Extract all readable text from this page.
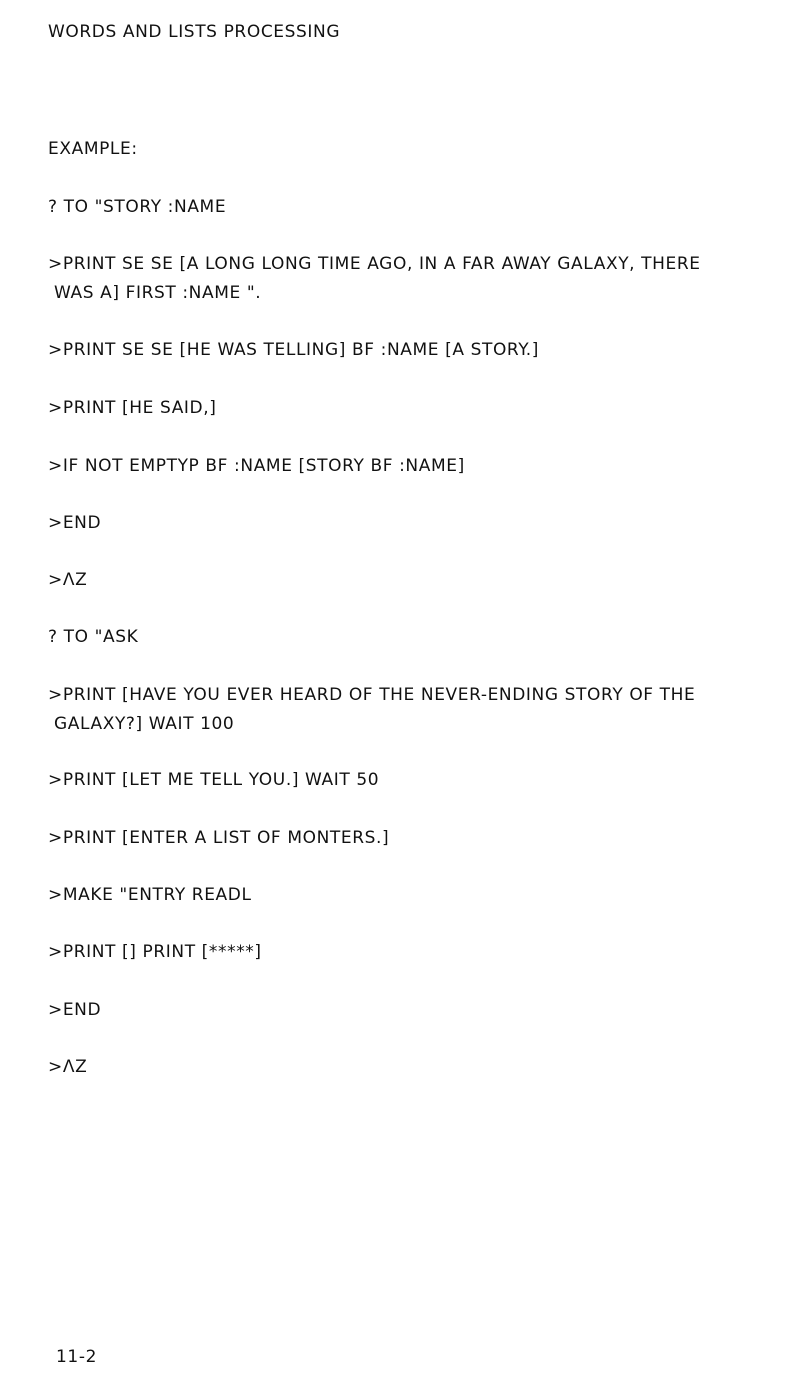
WORDS AND LISTS PROCESSING

EXAMPLE:

? TO "STORY :NAME

>PRINT SE SE [A LONG LONG TIME AGO, IN A FAR AWAY GALAXY, THERE
WAS A] FIRST :NAME ".

>PRINT SE SE [HE WAS TELLING] BF :NAME [A STORY.]

>PRINT [HE SAID,]

>IF NOT EMPTYP BF :NAME [STORY BF :NAME]

>END

>ΛZ

? TO "ASK

>PRINT [HAVE YOU EVER HEARD OF THE NEVER-ENDING STORY OF THE
GALAXY?] WAIT 100

>PRINT [LET ME TELL YOU.] WAIT 50

>PRINT [ENTER A LIST OF MONTERS.]

>MAKE "ENTRY READL

>PRINT [] PRINT [*****]

>END

>ΛZ

11-2
